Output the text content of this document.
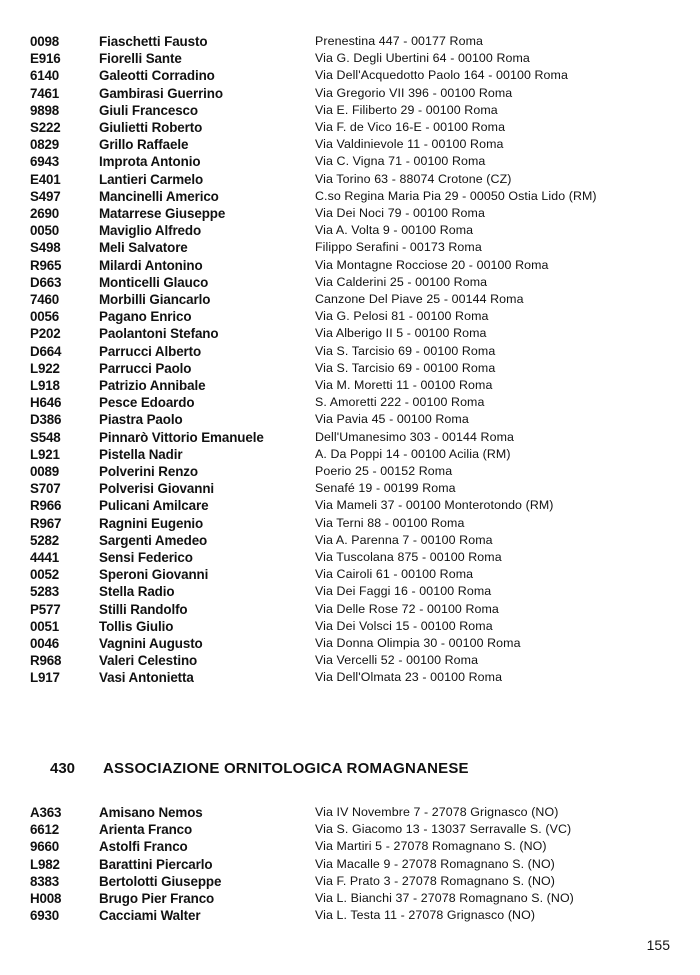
0098	Fiaschetti Fausto	Prenestina 447 - 00177 Roma
E916	Fiorelli Sante	Via G. Degli Ubertini 64 - 00100 Roma
6140	Galeotti Corradino	Via Dell'Acquedotto Paolo 164 - 00100 Roma
7461	Gambirasi Guerrino	Via Gregorio VII 396 - 00100 Roma
9898	Giuli Francesco	Via E. Filiberto 29 - 00100 Roma
S222	Giulietti Roberto	Via F. de Vico 16-E - 00100 Roma
0829	Grillo Raffaele	Via Valdinievole 11 - 00100 Roma
6943	Improta Antonio	Via C. Vigna 71 - 00100 Roma
E401	Lantieri Carmelo	Via Torino 63 - 88074 Crotone (CZ)
S497	Mancinelli Americo	C.so Regina Maria Pia 29 - 00050 Ostia Lido (RM)
2690	Matarrese Giuseppe	Via Dei Noci 79 - 00100 Roma
0050	Maviglio Alfredo	Via A. Volta 9 - 00100 Roma
S498	Meli Salvatore	Filippo Serafini - 00173 Roma
R965	Milardi Antonino	Via Montagne Rocciose 20 - 00100 Roma
D663	Monticelli Glauco	Via Calderini 25 - 00100 Roma
7460	Morbilli Giancarlo	Canzone Del Piave 25 - 00144 Roma
0056	Pagano Enrico	Via G. Pelosi 81 - 00100 Roma
P202	Paolantoni Stefano	Via Alberigo II 5 - 00100 Roma
D664	Parrucci Alberto	Via S. Tarcisio 69 - 00100 Roma
L922	Parrucci Paolo	Via S. Tarcisio 69 - 00100 Roma
L918	Patrizio Annibale	Via M. Moretti 11 - 00100 Roma
H646	Pesce Edoardo	S. Amoretti 222 - 00100 Roma
D386	Piastra Paolo	Via Pavia 45 - 00100 Roma
S548	Pinnarò Vittorio Emanuele	Dell'Umanesimo 303 - 00144 Roma
L921	Pistella Nadir	A. Da Poppi 14 - 00100 Acilia (RM)
0089	Polverini Renzo	Poerio 25 - 00152 Roma
S707	Polverisi Giovanni	Senafé 19 - 00199 Roma
R966	Pulicani Amilcare	Via Mameli 37 - 00100 Monterotondo (RM)
R967	Ragnini Eugenio	Via Terni 88 - 00100 Roma
5282	Sargenti Amedeo	Via A. Parenna 7 - 00100 Roma
4441	Sensi Federico	Via Tuscolana 875 - 00100 Roma
0052	Speroni Giovanni	Via Cairoli 61 - 00100 Roma
5283	Stella Radio	Via Dei Faggi 16 - 00100 Roma
P577	Stilli Randolfo	Via Delle Rose 72 - 00100 Roma
0051	Tollis Giulio	Via Dei Volsci 15 - 00100 Roma
0046	Vagnini Augusto	Via Donna Olimpia 30 - 00100 Roma
R968	Valeri Celestino	Via Vercelli 52 - 00100 Roma
L917	Vasi Antonietta	Via Dell'Olmata 23 - 00100 Roma
430 ASSOCIAZIONE ORNITOLOGICA ROMAGNANESE
A363	Amisano Nemos	Via IV Novembre 7 - 27078 Grignasco (NO)
6612	Arienta Franco	Via S. Giacomo 13 - 13037 Serravalle S. (VC)
9660	Astolfi Franco	Via Martiri 5 - 27078 Romagnano S. (NO)
L982	Barattini Piercarlo	Via Macalle 9 - 27078 Romagnano S. (NO)
8383	Bertolotti Giuseppe	Via F. Prato 3 - 27078 Romagnano S. (NO)
H008	Brugo Pier Franco	Via L. Bianchi 37 - 27078 Romagnano S. (NO)
6930	Cacciami Walter	Via L. Testa 11 - 27078 Grignasco (NO)
155
